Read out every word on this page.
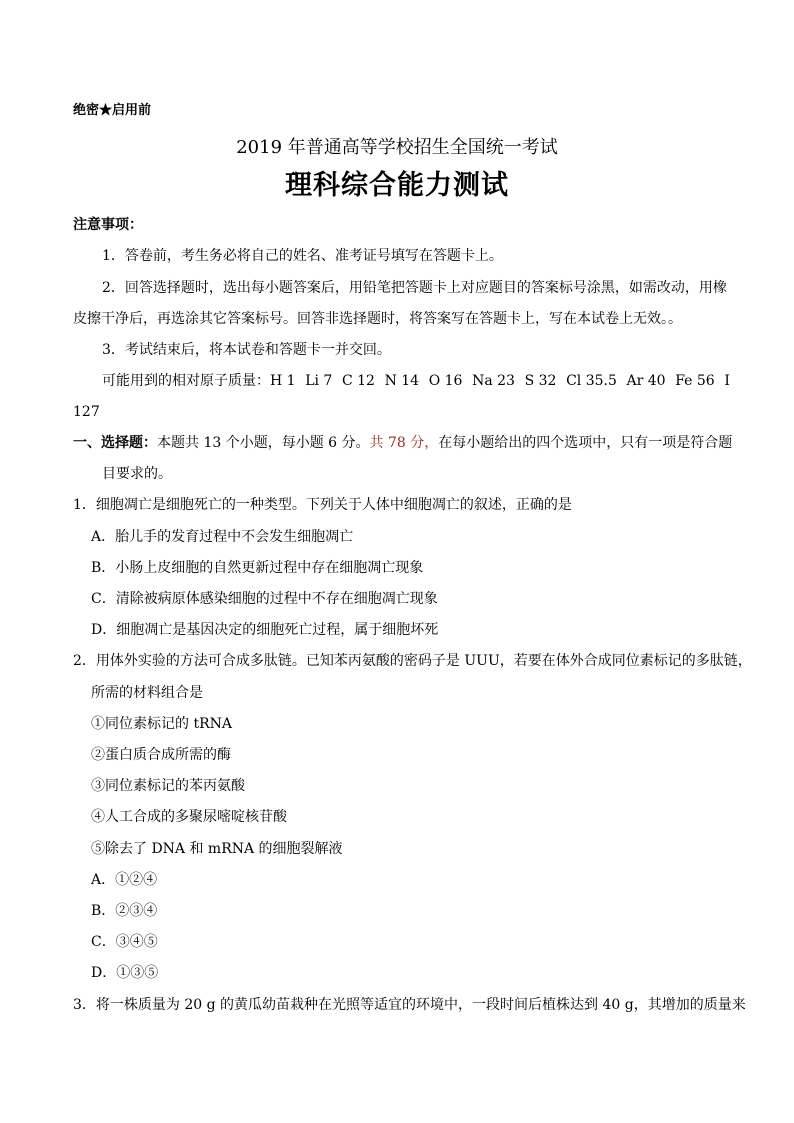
绝密★启用前
2019 年普通高等学校招生全国统一考试
理科综合能力测试
注意事项：
1．答卷前，考生务必将自己的姓名、准考证号填写在答题卡上。
2．回答选择题时，选出每小题答案后，用铅笔把答题卡上对应题目的答案标号涂黑，如需改动，用橡
皮擦干净后，再选涂其它答案标号。回答非选择题时，将答案写在答题卡上，写在本试卷上无效。。
3．考试结束后，将本试卷和答题卡一并交回。
可能用到的相对原子质量：H 1 Li 7 C 12 N 14 O 16 Na 23 S 32 Cl 35.5 Ar 40 Fe 56 I
127
一、选择题：本题共 13 个小题，每小题 6 分。共 78 分，在每小题给出的四个选项中，只有一项是符合题
目要求的。
1．细胞凋亡是细胞死亡的一种类型。下列关于人体中细胞凋亡的叙述，正确的是
A．胎儿手的发育过程中不会发生细胞凋亡
B．小肠上皮细胞的自然更新过程中存在细胞凋亡现象
C．清除被病原体感染细胞的过程中不存在细胞凋亡现象
D．细胞凋亡是基因决定的细胞死亡过程，属于细胞坏死
2．用体外实验的方法可合成多肽链。已知苯丙氨酸的密码子是 UUU，若要在体外合成同位素标记的多肽链，
所需的材料组合是
①同位素标记的 tRNA
②蛋白质合成所需的酶
③同位素标记的苯丙氨酸
④人工合成的多聚尿嘧啶核苷酸
⑤除去了 DNA 和 mRNA 的细胞裂解液
A．①②④
B．②③④
C．③④⑤
D．①③⑤
3．将一株质量为 20 g 的黄瓜幼苗栽种在光照等适宜的环境中，一段时间后植株达到 40 g，其增加的质量来
